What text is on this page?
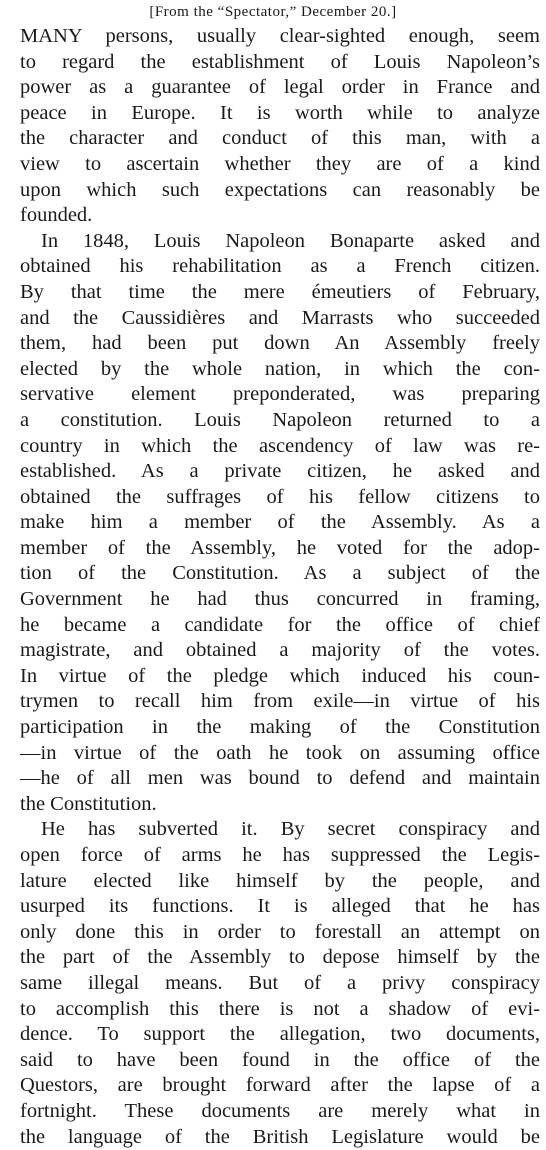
[From the “Spectator,” December 20.]
MANY persons, usually clear-sighted enough, seem
to regard the establishment of Louis Napoleon’s
power as a guarantee of legal order in France and
peace in Europe. It is worth while to analyze
the character and conduct of this man, with a
view to ascertain whether they are of a kind
upon which such expectations can reasonably be
founded.
In 1848, Louis Napoleon Bonaparte asked and
obtained his rehabilitation as a French citizen.
By that time the mere émeutiers of February,
and the Caussidières and Marrasts who succeeded
them, had been put down An Assembly freely
elected by the whole nation, in which the con-
servative element preponderated, was preparing
a constitution. Louis Napoleon returned to a
country in which the ascendency of law was re-
established. As a private citizen, he asked and
obtained the suffrages of his fellow citizens to
make him a member of the Assembly. As a
member of the Assembly, he voted for the adop-
tion of the Constitution. As a subject of the
Government he had thus concurred in framing,
he became a candidate for the office of chief
magistrate, and obtained a majority of the votes.
In virtue of the pledge which induced his coun-
trymen to recall him from exile—in virtue of his
participation in the making of the Constitution
—in virtue of the oath he took on assuming office
—he of all men was bound to defend and maintain
the Constitution.
He has subverted it. By secret conspiracy and
open force of arms he has suppressed the Legis-
lature elected like himself by the people, and
usurped its functions. It is alleged that he has
only done this in order to forestall an attempt on
the part of the Assembly to depose himself by the
same illegal means. But of a privy conspiracy
to accomplish this there is not a shadow of evi-
dence. To support the allegation, two documents,
said to have been found in the office of the
Questors, are brought forward after the lapse of a
fortnight. These documents are merely what in
the language of the British Legislature would be
